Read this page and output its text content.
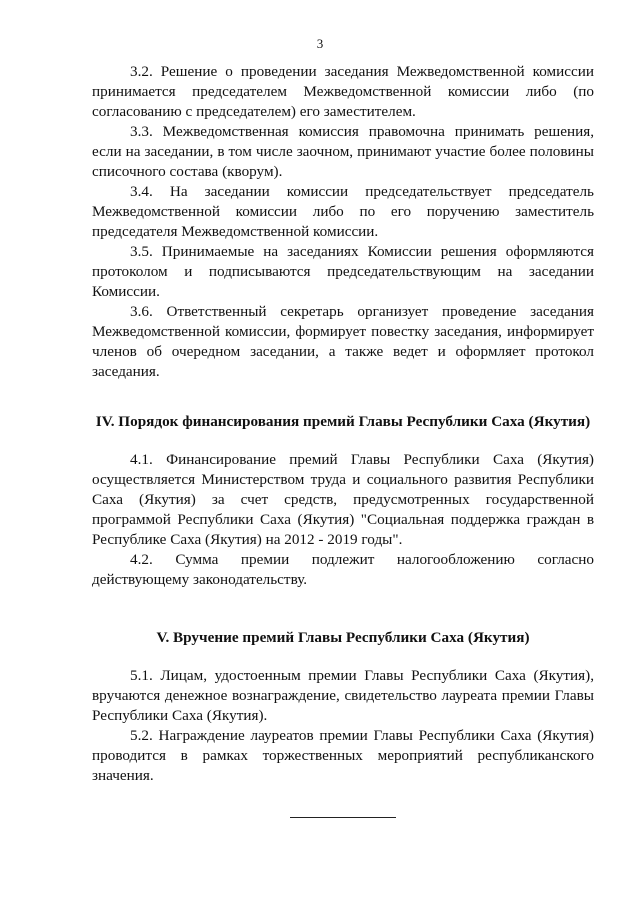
3

3.2. Решение о проведении заседания Межведомственной комиссии принимается председателем Межведомственной комиссии либо (по согласованию с председателем) его заместителем.

3.3. Межведомственная комиссия правомочна принимать решения, если на заседании, в том числе заочном, принимают участие более половины списочного состава (кворум).

3.4. На заседании комиссии председательствует председатель Межведомственной комиссии либо по его поручению заместитель председателя Межведомственной комиссии.

3.5. Принимаемые на заседаниях Комиссии решения оформляются протоколом и подписываются председательствующим на заседании Комиссии.

3.6. Ответственный секретарь организует проведение заседания Межведомственной комиссии, формирует повестку заседания, информирует членов об очередном заседании, а также ведет и оформляет протокол заседания.

IV. Порядок финансирования премий Главы Республики Саха (Якутия)

4.1. Финансирование премий Главы Республики Саха (Якутия) осуществляется Министерством труда и социального развития Республики Саха (Якутия) за счет средств, предусмотренных государственной программой Республики Саха (Якутия) "Социальная поддержка граждан в Республике Саха (Якутия) на 2012 - 2019 годы".

4.2. Сумма премии подлежит налогообложению согласно действующему законодательству.

V. Вручение премий Главы Республики Саха (Якутия)

5.1. Лицам, удостоенным премии Главы Республики Саха (Якутия), вручаются денежное вознаграждение, свидетельство лауреата премии Главы Республики Саха (Якутия).

5.2. Награждение лауреатов премии Главы Республики Саха (Якутия) проводится в рамках торжественных мероприятий республиканского значения.
